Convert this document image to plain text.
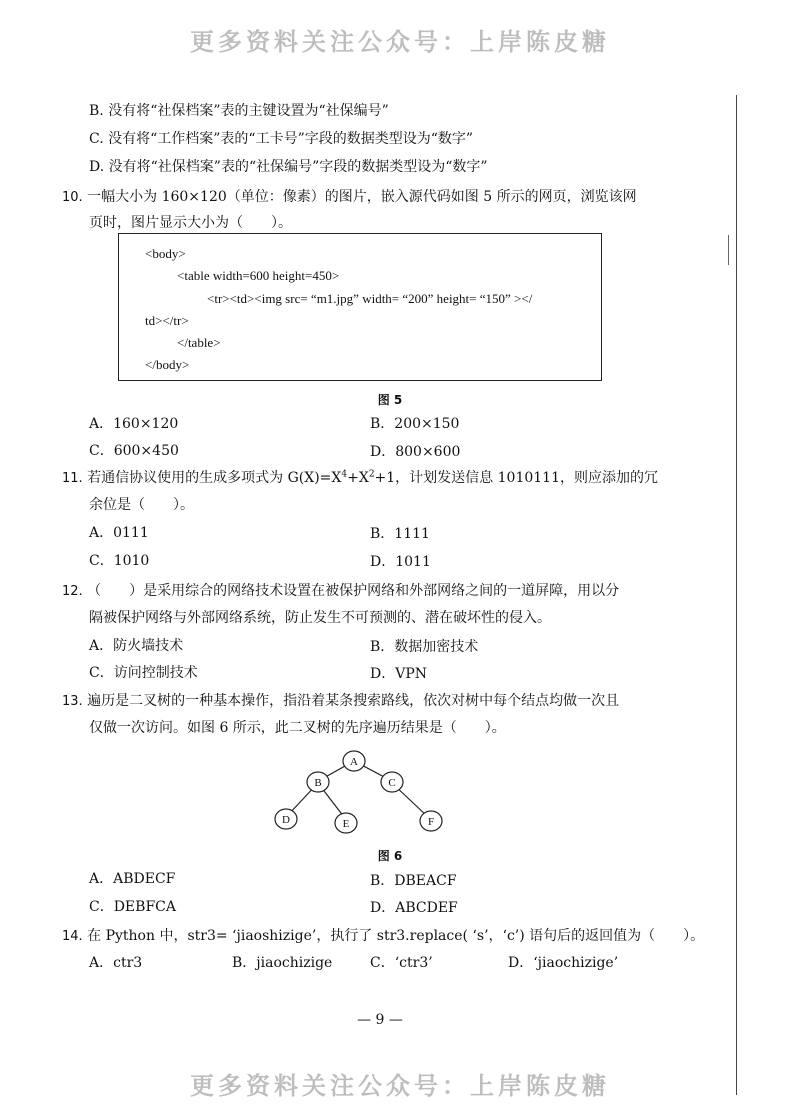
更多资料关注公众号：上岸陈皮糖
B. 没有将“社保档案”表的主键设置为“社保编号”
C. 没有将“工作档案”表的“工卡号”字段的数据类型设为“数字”
D. 没有将“社保档案”表的“社保编号”字段的数据类型设为“数字”
10. 一幅大小为 160×120（单位：像素）的图片，嵌入源代码如图 5 所示的网页，浏览该网
页时，图片显示大小为（　　）。
<body>
<table width=600 height=450>
<tr><td><img src= “m1.jpg” width= “200” height= “150” ></
td></tr>
</table>
</body>
图 5
A．160×120	B．200×150
C．600×450	D．800×600
11. 若通信协议使用的生成多项式为 $G(X)=X^4+X^2+1$，计划发送信息 1010111，则应添加的冗
余位是（　　）。
A．0111	B．1111
C．1010	D．1011
12. （　　）是采用综合的网络技术设置在被保护网络和外部网络之间的一道屏障，用以分
隔被保护网络与外部网络系统，防止发生不可预测的、潜在破坏性的侵入。
A．防火墙技术	B．数据加密技术
C．访问控制技术	D．VPN
13. 遍历是二叉树的一种基本操作，指沿着某条搜索路线，依次对树中每个结点均做一次且
仅做一次访问。如图 6 所示，此二叉树的先序遍历结果是（　　）。
A
B	C
D	E	F
图 6
A．ABDECF	B．DBEACF
C．DEBFCA	D．ABCDEF
14. 在 Python 中，str3= ‘jiaoshizige’，执行了 str3.replace( ‘s’，‘c’) 语句后的返回值为（　　）。
A．ctr3	B．jiaochizige	C．‘ctr3’	D．‘jiaochizige’
— 9 —
更多资料关注公众号：上岸陈皮糖
